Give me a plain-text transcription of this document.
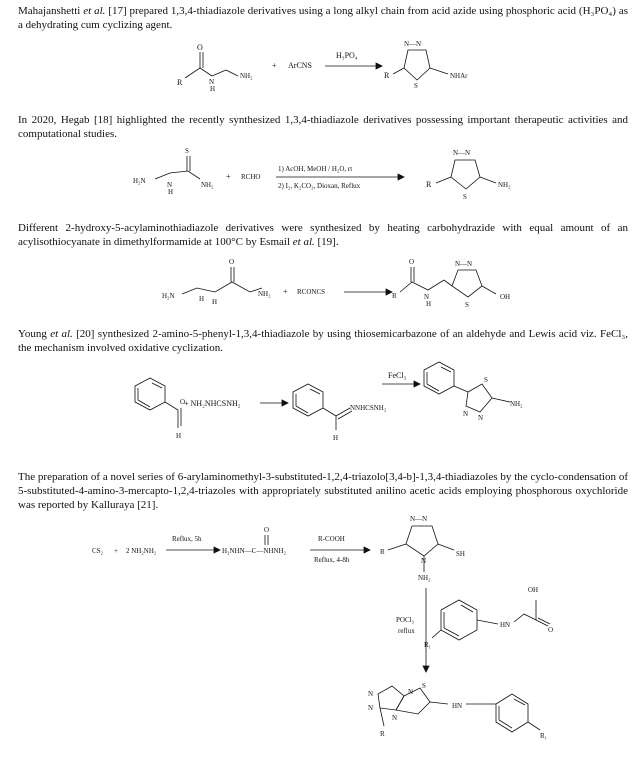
Mahajanshetti et al. [17] prepared 1,3,4-thiadiazole derivatives using a long alkyl chain from acid azide using phosphoric acid (H₃PO₄) as a dehydrating cum cyclizing agent.
R
O
N
H
NH₂
+ ArCNS
H₃PO₄
N—N
R
S
NHAr
In 2020, Hegab [18] highlighted the recently synthesized 1,3,4-thiadiazole derivatives possessing important therapeutic activities and computational studies.
S
H₂N	N
H
NH₂
+ RCHO
1) AcOH, MeOH / H₂O, rt
2) I₂, K₂CO₃, Dioxan, Reflux
N—N
R
S
NH₂
Different 2-hydroxy-5-acylaminothiadiazole derivatives were synthesized by heating carbohydrazide with equal amount of an acylisothiocyanate in dimethylformamide at 100°C by Esmail et al. [19].
O
H₂N	H H
NH₂ + RCONCS
O
R	N
H
N—N
S
OH
Young et al. [20] synthesized 2-amino-5-phenyl-1,3,4-thiadiazole by using thiosemicarbazone of an aldehyde and Lewis acid viz. FeCl₃, the mechanism involved oxidative cyclization.
O
H
+ NH₂NHCSNH₂
H
NNHCSNH₂
FeCl₃	S
N N
NH₂
The preparation of a novel series of 6-arylaminomethyl-3-substituted-1,2,4-triazolo[3,4-b]-1,3,4-thiadiazoles by the cyclo-condensation of 5-substituted-4-amino-3-mercapto-1,2,4-triazoles with appropriately substituted anilino acetic acids employing phosphorous oxychloride was reported by Kalluraya [21].
CS₂ + 2 NH₂NH₂
Reflux, 5h
O
H₂NHN—C—NHNH₂
R-COOH
Reflux, 4-8h
N—N
R
N
SH
NH₂
POCl₃
reflux
R₁
HN
OH
O
S
N
N
N
N
R
HN
R₁
